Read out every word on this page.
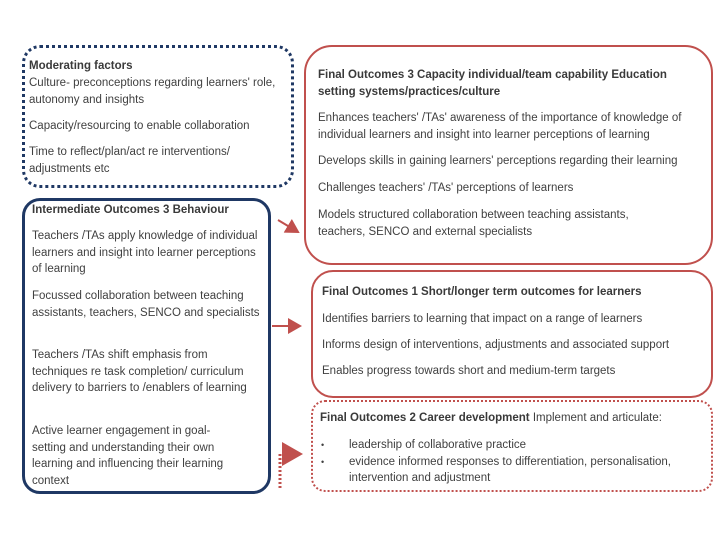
Moderating factors

Culture- preconceptions regarding learners' role, autonomy and insights

Capacity/resourcing to enable collaboration

Time to reflect/plan/act re interventions/ adjustments etc

Intermediate Outcomes 3 Behaviour

Teachers /TAs apply knowledge of individual learners and insight into learner perceptions of learning

Focussed collaboration between teaching assistants, teachers, SENCO and specialists

Teachers /TAs shift emphasis from techniques re task completion/ curriculum delivery to barriers to /enablers of learning

Active learner engagement in goal-setting and understanding their own learning and influencing their learning context

Final Outcomes 3 Capacity individual/team capability Education setting systems/practices/culture

Enhances teachers' /TAs' awareness of the importance of knowledge of individual learners and insight into learner perceptions of learning

Develops skills in gaining learners' perceptions regarding their learning

Challenges teachers' /TAs' perceptions of learners

Models structured collaboration between teaching assistants, teachers, SENCO and external specialists

Final Outcomes 1 Short/longer term outcomes for learners

Identifies barriers to learning that impact on a range of learners

Informs design of interventions, adjustments and associated support

Enables progress towards short and medium-term targets

Final Outcomes 2 Career development Implement and articulate:

• leadership of collaborative practice
• evidence informed responses to differentiation, personalisation, intervention and adjustment
